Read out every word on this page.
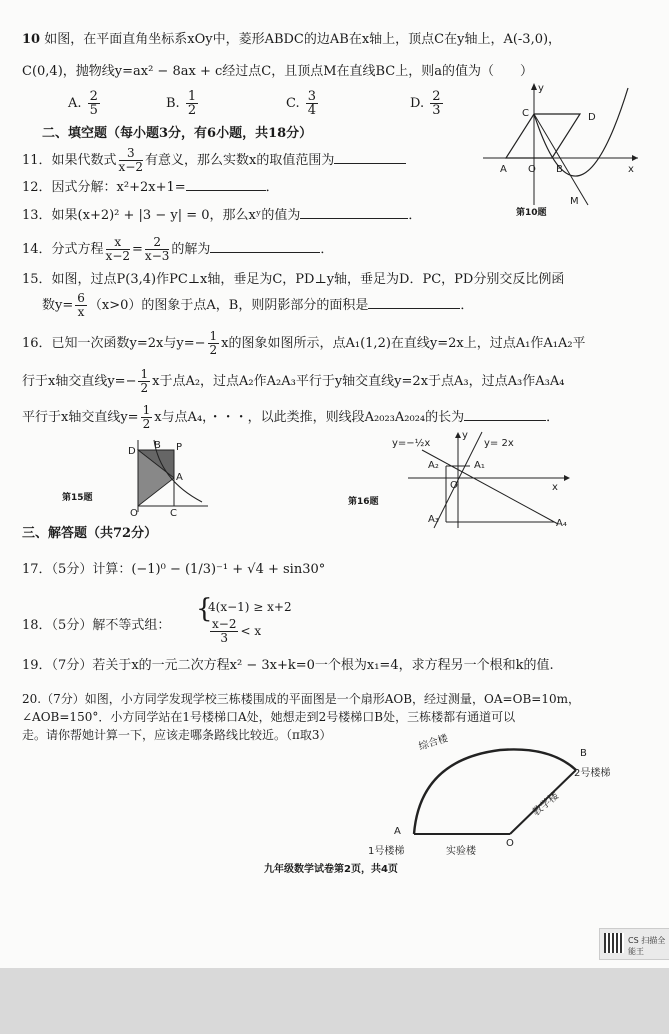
10 如图，在平面直角坐标系xOy中，菱形ABDC的边AB在x轴上，顶点C在y轴上，A(-3,0)，
C(0,4)，抛物线y=ax² − 8ax + c经过点C，且顶点M在直线BC上，则a的值为（　　）
A. $\frac{2}{5}$	B. $\frac{1}{2}$	C. $\frac{3}{4}$	D. $\frac{2}{3}$
y
x
A O B
C	D
M
第10题
二、填空题（每小题3分，有6小题，共18分）
11．如果代数式 $\frac{3}{x-2}$ 有意义，那么实数x的取值范围为
12．因式分解：x²+2x+1=	．
13．如果(x+2)² + |3 − y| = 0，那么xʸ的值为	．
14．分式方程 $\frac{x}{x-2} = \frac{2}{x-3}$ 的解为	．
15．如图，过点P(3,4)作PC⊥x轴，垂足为C，PD⊥y轴，垂足为D．PC，PD分别交反比例函
数$y= \frac{6}{x} (x>0)$的图象于点A，B，则阴影部分的面积是	．
16．已知一次函数y=2x与$y=- \frac{1}{2}$ x的图象如图所示，点A₁(1,2)在直线y=2x上，过点A₁作A₁A₂平
行于x轴交直线$y=- \frac{1}{2}$ x于点A₂，过点A₂作A₂A₃平行于y轴交直线y=2x于点A₃，过点A₃作A₃A₄
平行于x轴交直线$y= \frac{1}{2}$ x与点A₄，・・・，以此类推，则线段A₂₀₂₃A₂₀₂₄的长为	．
D
B P
A
O	C
第15题
y=−½x	y= 2x
y
x
O
A₁
A₂
A₃	A₄
第16题
三、解答题（共72分）
17．（5分）计算：(−1)⁰ − (1/3)⁻¹ + √4 + sin30°
18．（5分）解不等式组：
{
4(x−1) ≥ x+2
$\frac{x-2}{3} < x$
19．（7分）若关于x的一元二次方程x² − 3x+k=0一个根为x₁=4，求方程另一个根和k的值.
20.（7分）如图，小方同学发现学校三栋楼围成的平面图是一个扇形AOB，经过测量，OA=OB=10m，
∠AOB=150°．小方同学站在1号楼梯口A处，她想走到2号楼梯口B处，三栋楼都有通道可以
走。请你帮她计算一下，应该走哪条路线比较近。（π取3）	综合楼
B
2号楼梯
教学楼
A
1号楼梯	实验楼
O
九年级数学试卷第2页，共4页
CS 扫描全能王
